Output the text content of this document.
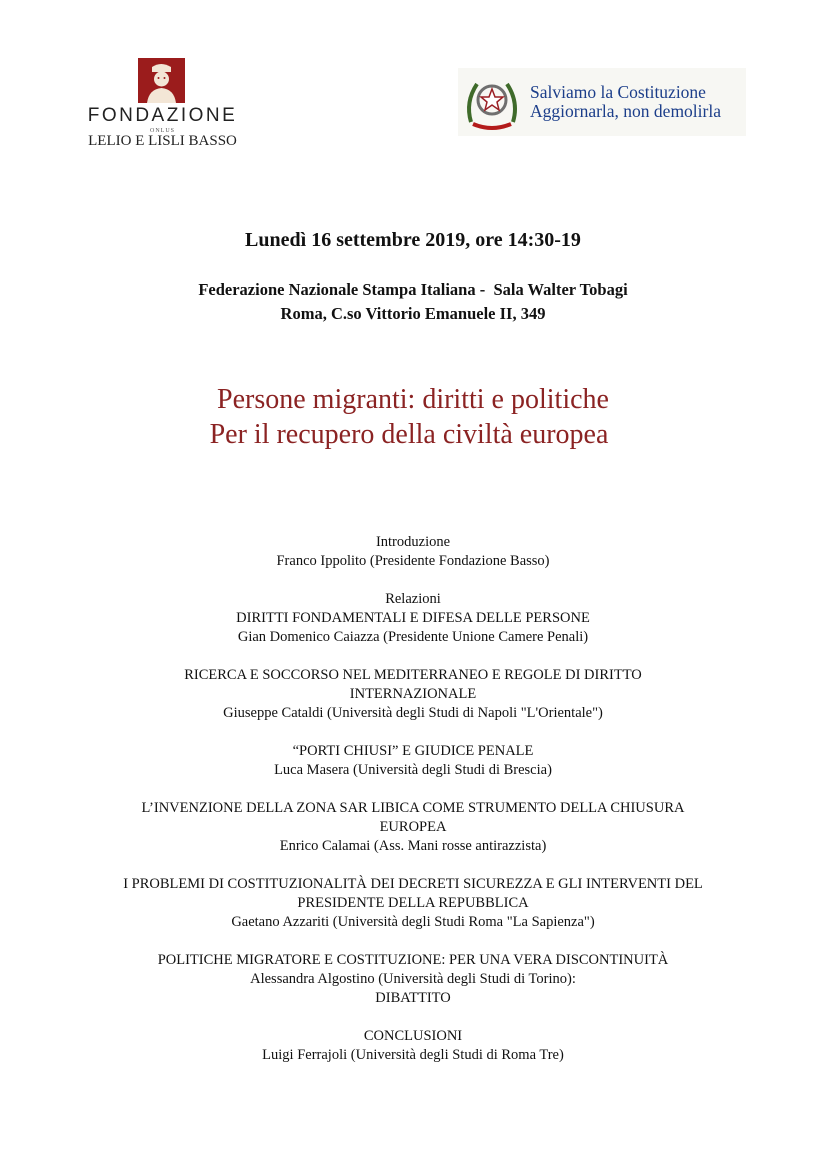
FONDAZIONE
ONLUS
LELIO E LISLI BASSO
Salviamo la Costituzione
Aggiornarla, non demolirla
Lunedì 16 settembre 2019, ore 14:30-19
Federazione Nazionale Stampa Italiana -  Sala Walter Tobagi
Roma, C.so Vittorio Emanuele II, 349
Persone migranti: diritti e politiche
Per il recupero della civiltà europea
Introduzione
Franco Ippolito (Presidente Fondazione Basso)
Relazioni
DIRITTI FONDAMENTALI E DIFESA DELLE PERSONE
Gian Domenico Caiazza (Presidente Unione Camere Penali)
RICERCA E SOCCORSO NEL MEDITERRANEO E REGOLE DI DIRITTO
INTERNAZIONALE
Giuseppe Cataldi (Università degli Studi di Napoli "L'Orientale")
“PORTI CHIUSI” E GIUDICE PENALE
Luca Masera (Università degli Studi di Brescia)
L’INVENZIONE DELLA ZONA SAR LIBICA COME STRUMENTO DELLA CHIUSURA
EUROPEA
Enrico Calamai (Ass. Mani rosse antirazzista)
I PROBLEMI DI COSTITUZIONALITÀ DEI DECRETI SICUREZZA E GLI INTERVENTI DEL
PRESIDENTE DELLA REPUBBLICA
Gaetano Azzariti (Università degli Studi Roma "La Sapienza")
POLITICHE MIGRATORE E COSTITUZIONE: PER UNA VERA DISCONTINUITÀ
Alessandra Algostino (Università degli Studi di Torino):
DIBATTITO
CONCLUSIONI
Luigi Ferrajoli (Università degli Studi di Roma Tre)
